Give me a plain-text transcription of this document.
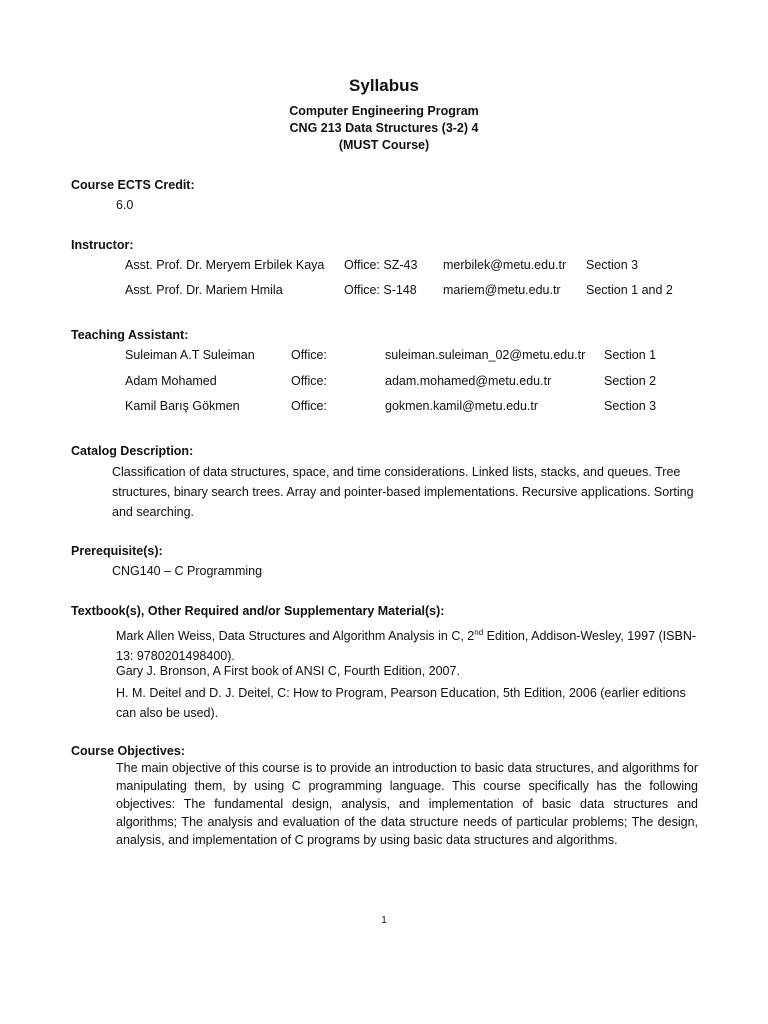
Syllabus
Computer Engineering Program
CNG 213 Data Structures (3-2) 4
(MUST Course)
Course ECTS Credit:
6.0
Instructor:
Asst. Prof. Dr. Meryem Erbilek Kaya Office: SZ-43 merbilek@metu.edu.tr Section 3
Asst. Prof. Dr. Mariem Hmila	Office: S-148 mariem@metu.edu.tr Section 1 and 2
Teaching Assistant:
Suleiman A.T Suleiman	Office:	suleiman.suleiman_02@metu.edu.tr Section 1
Adam Mohamed	Office:	adam.mohamed@metu.edu.tr	Section 2
Kamil Barış Gökmen	Office:	gokmen.kamil@metu.edu.tr	Section 3
Catalog Description:
Classification of data structures, space, and time considerations. Linked lists, stacks, and queues. Tree structures, binary search trees. Array and pointer-based implementations. Recursive applications. Sorting and searching.
Prerequisite(s):
CNG140 – C Programming
Textbook(s), Other Required and/or Supplementary Material(s):
Mark Allen Weiss, Data Structures and Algorithm Analysis in C, 2nd Edition, Addison-Wesley, 1997 (ISBN-13: 9780201498400).
Gary J. Bronson, A First book of ANSI C, Fourth Edition, 2007.
H. M. Deitel and D. J. Deitel, C: How to Program, Pearson Education, 5th Edition, 2006 (earlier editions can also be used).
Course Objectives:
The main objective of this course is to provide an introduction to basic data structures, and algorithms for manipulating them, by using C programming language. This course specifically has the following objectives: The fundamental design, analysis, and implementation of basic data structures and algorithms; The analysis and evaluation of the data structure needs of particular problems; The design, analysis, and implementation of C programs by using basic data structures and algorithms.
1
